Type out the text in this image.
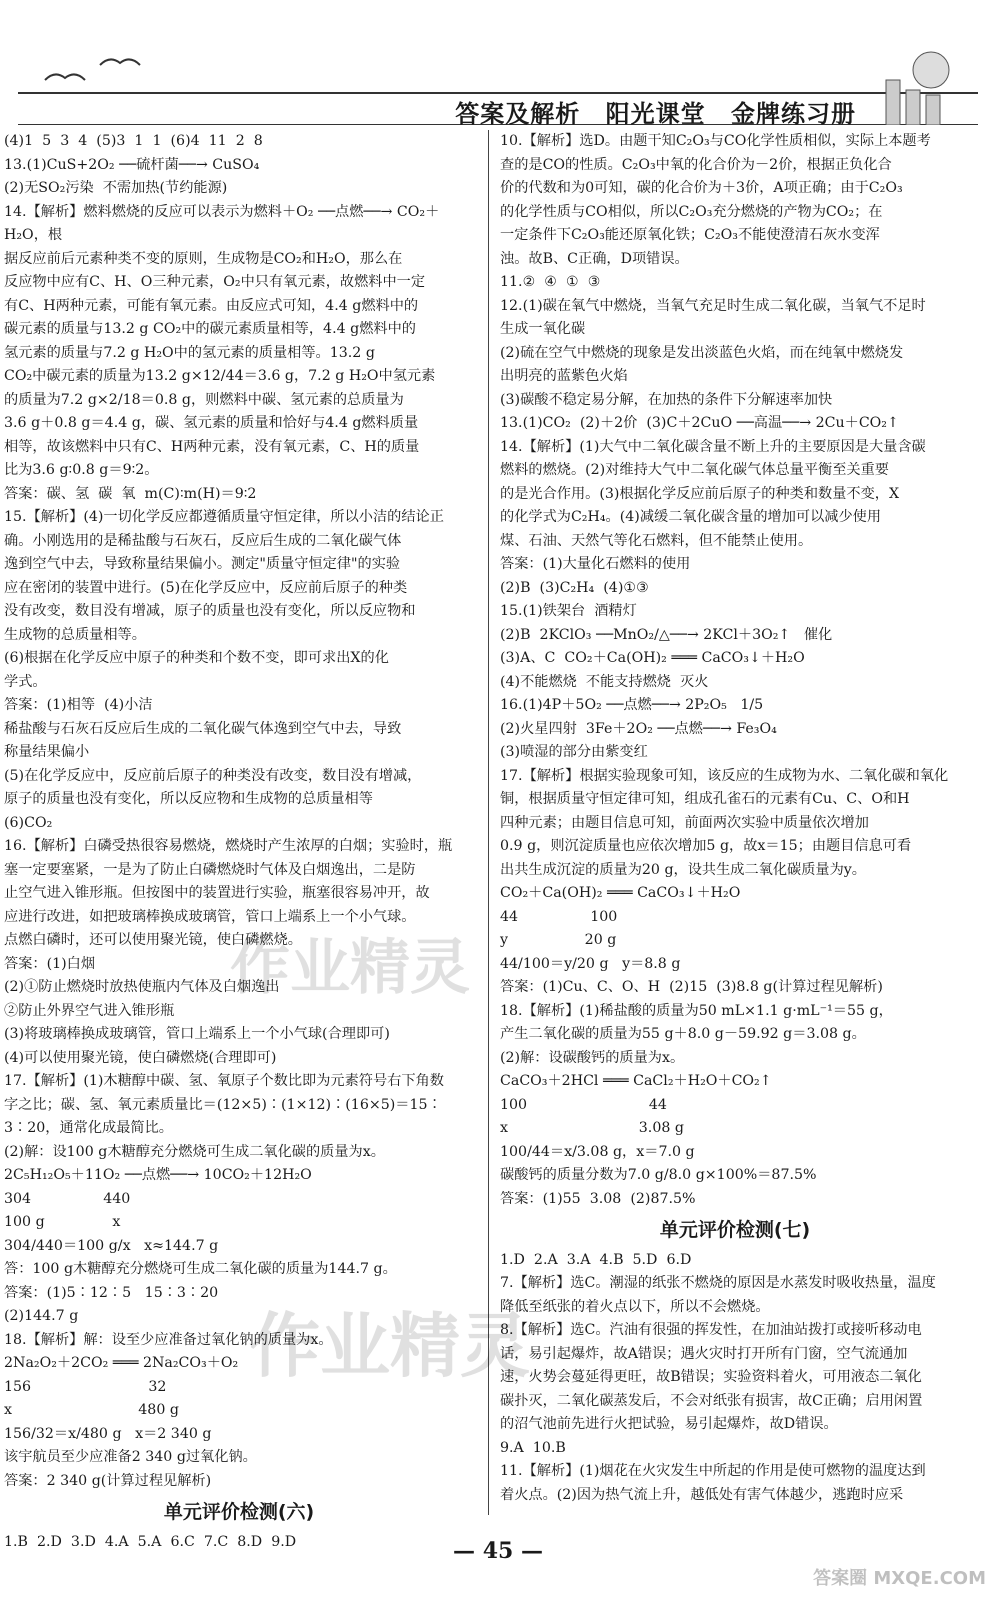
答案及解析 阳光课堂 金牌练习册
(4)1  5  3  4  (5)3  1  1  (6)4  11  2  8
13.(1)CuS+2O₂ ──硫杆菌──→ CuSO₄
(2)无SO₂污染  不需加热(节约能源)
14.【解析】燃料燃烧的反应可以表示为燃料＋O₂ ──点燃──→ CO₂＋H₂O，根
据反应前后元素种类不变的原则，生成物是CO₂和H₂O，那么在
反应物中应有C、H、O三种元素，O₂中只有氧元素，故燃料中一定
有C、H两种元素，可能有氧元素。由反应式可知，4.4 g燃料中的
碳元素的质量与13.2 g CO₂中的碳元素质量相等，4.4 g燃料中的
氢元素的质量与7.2 g H₂O中的氢元素的质量相等。13.2 g
CO₂中碳元素的质量为13.2 g×12/44＝3.6 g，7.2 g H₂O中氢元素
的质量为7.2 g×2/18＝0.8 g，则燃料中碳、氢元素的总质量为
3.6 g＋0.8 g＝4.4 g，碳、氢元素的质量和恰好与4.4 g燃料质量
相等，故该燃料中只有C、H两种元素，没有氧元素，C、H的质量
比为3.6 g∶0.8 g＝9∶2。
答案：碳、氢  碳  氧  m(C)∶m(H)＝9∶2
15.【解析】(4)一切化学反应都遵循质量守恒定律，所以小洁的结论正
确。小刚选用的是稀盐酸与石灰石，反应后生成的二氧化碳气体
逸到空气中去，导致称量结果偏小。测定"质量守恒定律"的实验
应在密闭的装置中进行。(5)在化学反应中，反应前后原子的种类
没有改变，数目没有增减，原子的质量也没有变化，所以反应物和
生成物的总质量相等。
(6)根据在化学反应中原子的种类和个数不变，即可求出X的化
学式。
答案：(1)相等  (4)小洁
稀盐酸与石灰石反应后生成的二氧化碳气体逸到空气中去，导致
称量结果偏小
(5)在化学反应中，反应前后原子的种类没有改变，数目没有增减，
原子的质量也没有变化，所以反应物和生成物的总质量相等
(6)CO₂
16.【解析】白磷受热很容易燃烧，燃烧时产生浓厚的白烟；实验时，瓶
塞一定要塞紧，一是为了防止白磷燃烧时气体及白烟逸出，二是防
止空气进入锥形瓶。但按图中的装置进行实验，瓶塞很容易冲开，故
应进行改进，如把玻璃棒换成玻璃管，管口上端系上一个小气球。
点燃白磷时，还可以使用聚光镜，使白磷燃烧。
答案：(1)白烟
(2)①防止燃烧时放热使瓶内气体及白烟逸出
②防止外界空气进入锥形瓶
(3)将玻璃棒换成玻璃管，管口上端系上一个小气球(合理即可)
(4)可以使用聚光镜，使白磷燃烧(合理即可)
17.【解析】(1)木糖醇中碳、氢、氧原子个数比即为元素符号右下角数
字之比；碳、氢、氧元素质量比＝(12×5)∶(1×12)∶(16×5)＝15∶
3∶20，通常化成最简比。
(2)解：设100 g木糖醇充分燃烧可生成二氧化碳的质量为x。
2C₅H₁₂O₅＋11O₂ ──点燃──→ 10CO₂＋12H₂O
304                440
100 g               x
304/440＝100 g/x   x≈144.7 g
答：100 g木糖醇充分燃烧可生成二氧化碳的质量为144.7 g。
答案：(1)5∶12∶5   15∶3∶20
(2)144.7 g
18.【解析】解：设至少应准备过氧化钠的质量为x。
2Na₂O₂＋2CO₂ ═══ 2Na₂CO₃＋O₂
156                          32
x                            480 g
156/32＝x/480 g   x＝2 340 g
该宇航员至少应准备2 340 g过氧化钠。
答案：2 340 g(计算过程见解析)
单元评价检测(六)
1.B  2.D  3.D  4.A  5.A  6.C  7.C  8.D  9.D
10.【解析】选D。由题干知C₂O₃与CO化学性质相似，实际上本题考
查的是CO的性质。C₂O₃中氧的化合价为－2价，根据正负化合
价的代数和为0可知，碳的化合价为＋3价，A项正确；由于C₂O₃
的化学性质与CO相似，所以C₂O₃充分燃烧的产物为CO₂；在
一定条件下C₂O₃能还原氧化铁；C₂O₃不能使澄清石灰水变浑
浊。故B、C正确，D项错误。
11.②  ④  ①  ③
12.(1)碳在氧气中燃烧，当氧气充足时生成二氧化碳，当氧气不足时
生成一氧化碳
(2)硫在空气中燃烧的现象是发出淡蓝色火焰，而在纯氧中燃烧发
出明亮的蓝紫色火焰
(3)碳酸不稳定易分解，在加热的条件下分解速率加快
13.(1)CO₂  (2)＋2价  (3)C＋2CuO ──高温──→ 2Cu＋CO₂↑
14.【解析】(1)大气中二氧化碳含量不断上升的主要原因是大量含碳
燃料的燃烧。(2)对维持大气中二氧化碳气体总量平衡至关重要
的是光合作用。(3)根据化学反应前后原子的种类和数量不变，X
的化学式为C₂H₄。(4)减缓二氧化碳含量的增加可以减少使用
煤、石油、天然气等化石燃料，但不能禁止使用。
答案：(1)大量化石燃料的使用
(2)B  (3)C₂H₄  (4)①③
15.(1)铁架台  酒精灯
(2)B  2KClO₃ ──MnO₂/△──→ 2KCl＋3O₂↑   催化
(3)A、C  CO₂＋Ca(OH)₂ ═══ CaCO₃↓＋H₂O
(4)不能燃烧  不能支持燃烧  灭火
16.(1)4P＋5O₂ ──点燃──→ 2P₂O₅   1/5
(2)火星四射  3Fe＋2O₂ ──点燃──→ Fe₃O₄
(3)喷湿的部分由紫变红
17.【解析】根据实验现象可知，该反应的生成物为水、二氧化碳和氧化
铜，根据质量守恒定律可知，组成孔雀石的元素有Cu、C、O和H
四种元素；由题目信息可知，前面两次实验中质量依次增加
0.9 g，则沉淀质量也应依次增加5 g，故x＝15；由题目信息可看
出共生成沉淀的质量为20 g，设共生成二氧化碳质量为y。
CO₂＋Ca(OH)₂ ═══ CaCO₃↓＋H₂O
44                100
y                 20 g
44/100＝y/20 g   y＝8.8 g
答案：(1)Cu、C、O、H  (2)15  (3)8.8 g(计算过程见解析)
18.【解析】(1)稀盐酸的质量为50 mL×1.1 g·mL⁻¹＝55 g，
产生二氧化碳的质量为55 g＋8.0 g－59.92 g＝3.08 g。
(2)解：设碳酸钙的质量为x。
CaCO₃＋2HCl ═══ CaCl₂＋H₂O＋CO₂↑
100                           44
x                             3.08 g
100/44＝x/3.08 g，x＝7.0 g
碳酸钙的质量分数为7.0 g/8.0 g×100%＝87.5%
答案：(1)55  3.08  (2)87.5%
单元评价检测(七)
1.D  2.A  3.A  4.B  5.D  6.D
7.【解析】选C。潮湿的纸张不燃烧的原因是水蒸发时吸收热量，温度
降低至纸张的着火点以下，所以不会燃烧。
8.【解析】选C。汽油有很强的挥发性，在加油站拨打或接听移动电
话，易引起爆炸，故A错误；遇火灾时打开所有门窗，空气流通加
速，火势会蔓延得更旺，故B错误；实验资料着火，可用液态二氧化
碳扑灭，二氧化碳蒸发后，不会对纸张有损害，故C正确；启用闲置
的沼气池前先进行火把试验，易引起爆炸，故D错误。
9.A  10.B
11.【解析】(1)烟花在火灾发生中所起的作用是使可燃物的温度达到
着火点。(2)因为热气流上升，越低处有害气体越少，逃跑时应采
作业精灵
作业精灵
答案圈 MXQE.COM
— 45 —
